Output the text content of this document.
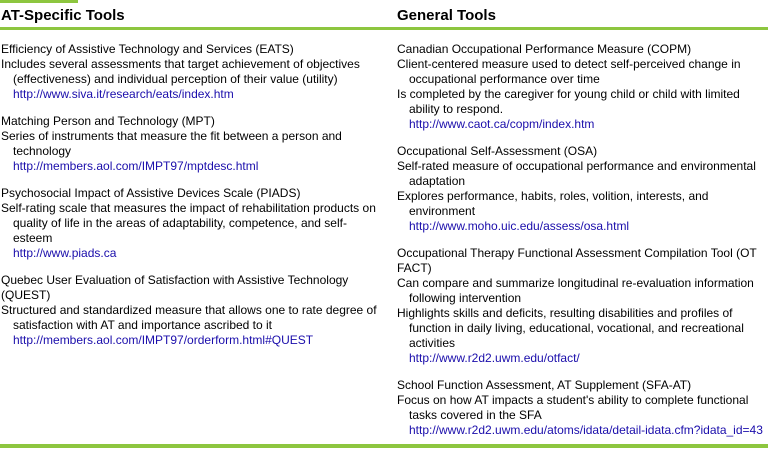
AT-Specific Tools	General Tools
Efficiency of Assistive Technology and Services (EATS)
Includes several assessments that target achievement of objectives (effectiveness) and individual perception of their value (utility)
http://www.siva.it/research/eats/index.htm
Matching Person and Technology (MPT)
Series of instruments that measure the fit between a person and technology
http://members.aol.com/IMPT97/mptdesc.html
Psychosocial Impact of Assistive Devices Scale (PIADS)
Self-rating scale that measures the impact of rehabilitation products on quality of life in the areas of adaptability, competence, and self-esteem
http://www.piads.ca
Quebec User Evaluation of Satisfaction with Assistive Technology (QUEST)
Structured and standardized measure that allows one to rate degree of satisfaction with AT and importance ascribed to it
http://members.aol.com/IMPT97/orderform.html#QUEST
Canadian Occupational Performance Measure (COPM)
Client-centered measure used to detect self-perceived change in occupational performance over time
Is completed by the caregiver for young child or child with limited ability to respond.
http://www.caot.ca/copm/index.htm
Occupational Self-Assessment (OSA)
Self-rated measure of occupational performance and environmental adaptation
Explores performance, habits, roles, volition, interests, and environment
http://www.moho.uic.edu/assess/osa.html
Occupational Therapy Functional Assessment Compilation Tool (OT FACT)
Can compare and summarize longitudinal re-evaluation information following intervention
Highlights skills and deficits, resulting disabilities and profiles of function in daily living, educational, vocational, and recreational activities
http://www.r2d2.uwm.edu/otfact/
School Function Assessment, AT Supplement (SFA-AT)
Focus on how AT impacts a student's ability to complete functional tasks covered in the SFA
http://www.r2d2.uwm.edu/atoms/idata/detail-idata.cfm?idata_id=43
